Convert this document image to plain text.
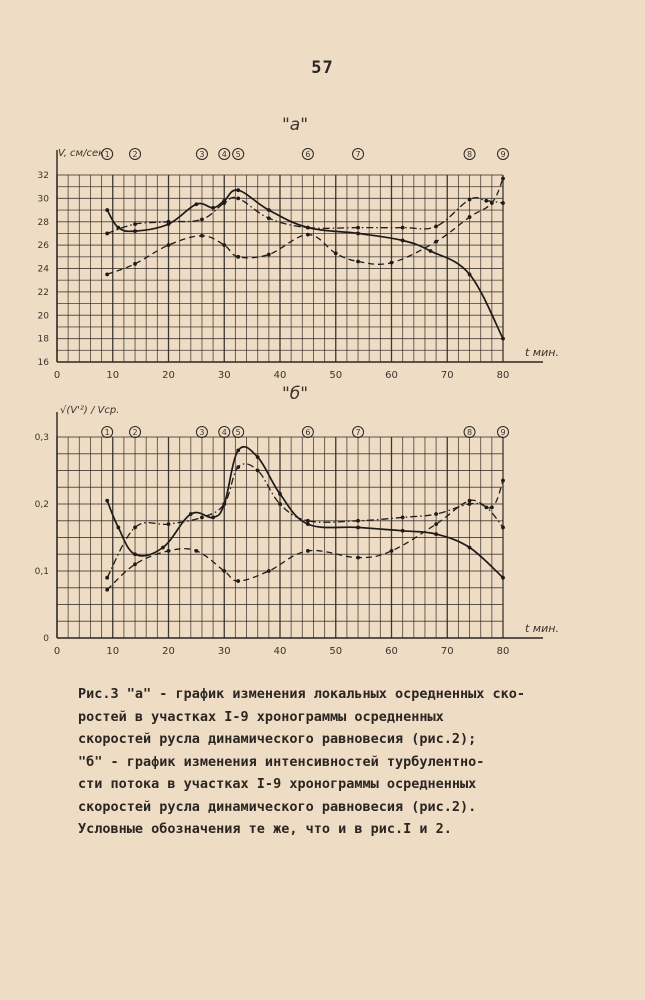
57
"а"
0	10	20	30	40	50	60	70	80
16
18
20
22
24
26
28
30
32
t мин.
V, см/сек 1	2	3 4 5	6	7	8	9
"б"
0	10	20	30	40	50	60	70	80
0
0,1
0,2
0,3
t мин.
√(V'²) / Vср.
1	2	3 4 5	6	7	8	9
Рис.3 "а" - график изменения локальных осредненных ско-
ростей в участках I-9 хронограммы осредненных
скоростей русла динамического равновесия (рис.2);
"б" - график изменения интенсивностей турбулентно-
сти потока в участках I-9 хронограммы осредненных
скоростей русла динамического равновесия (рис.2).
Условные обозначения те же, что и в рис.I и 2.
